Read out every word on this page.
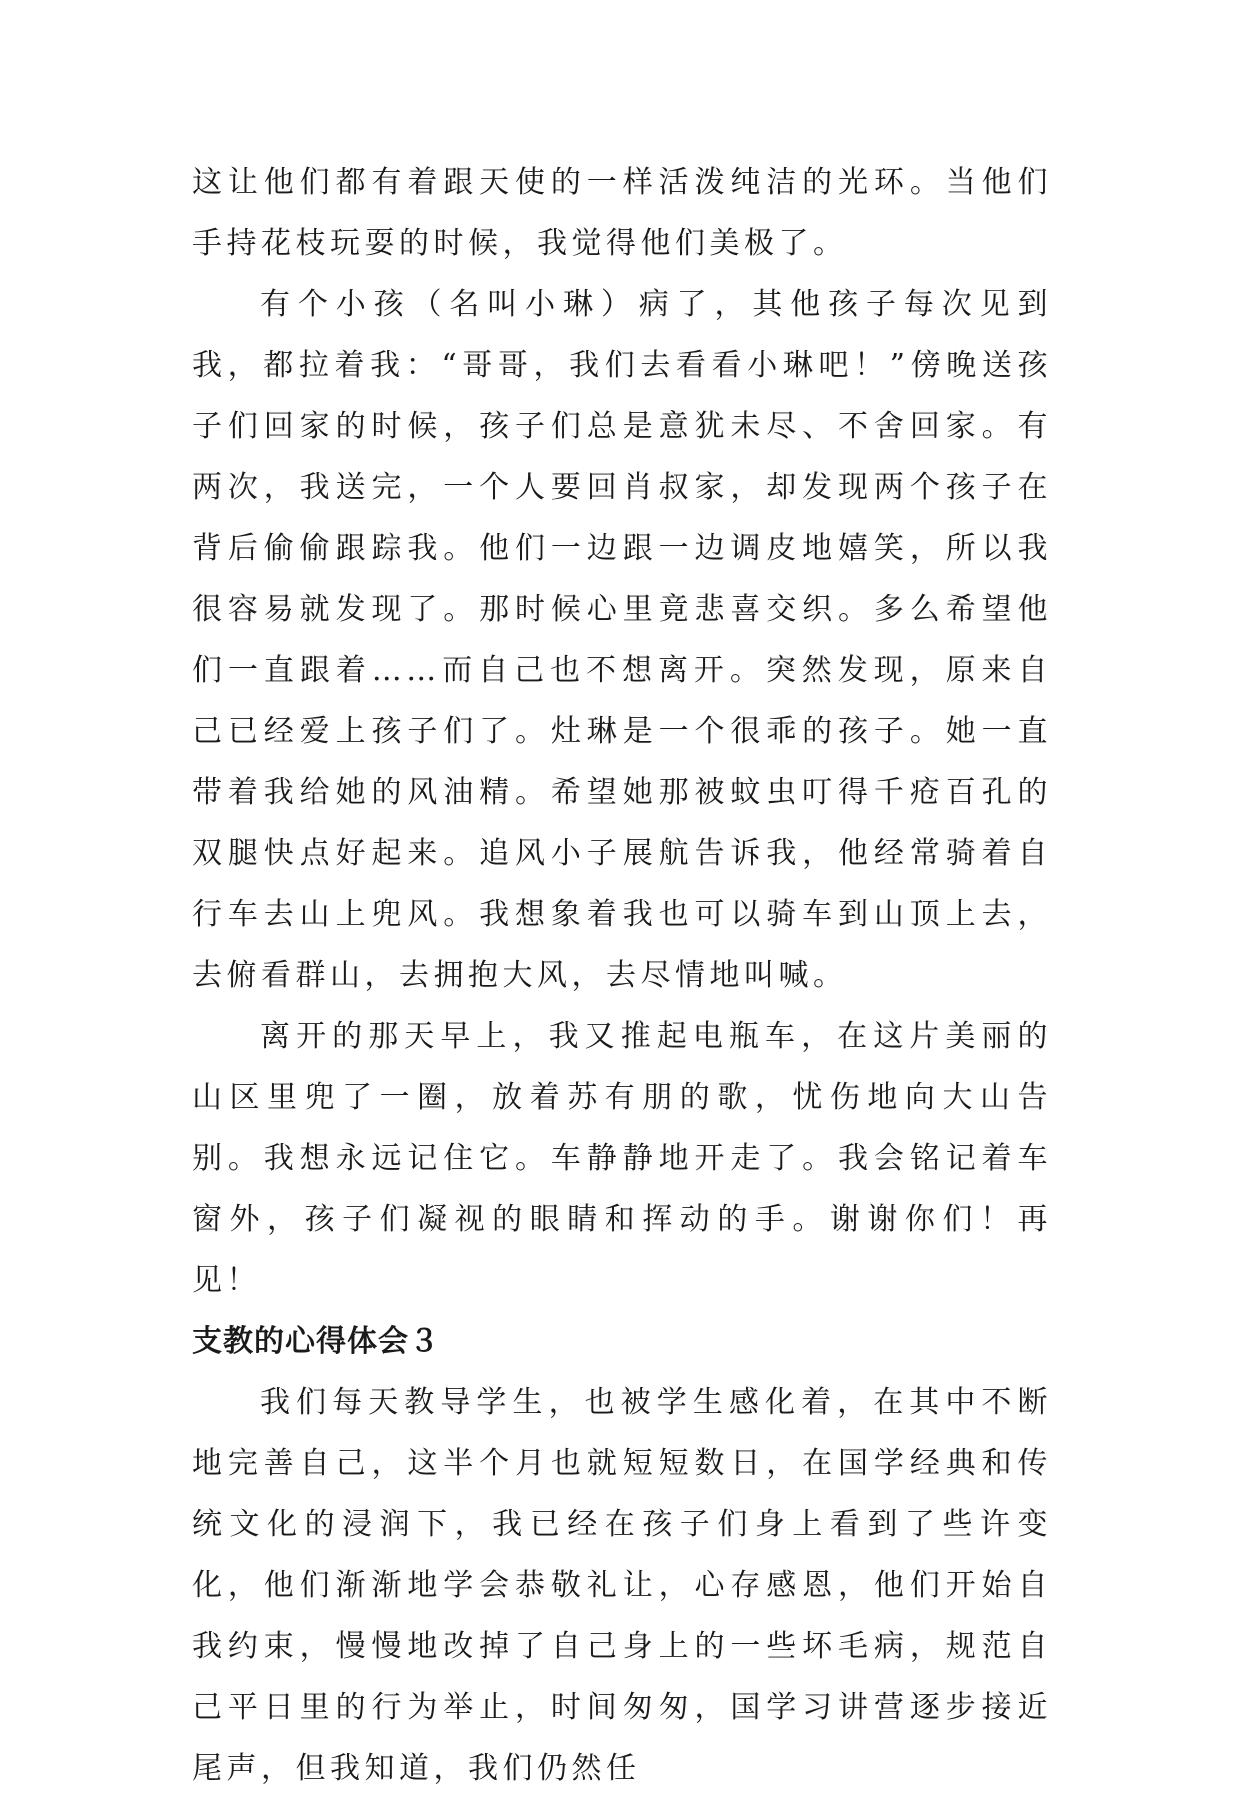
这让他们都有着跟天使的一样活泼纯洁的光环。当他们手持花枝玩耍的时候，我觉得他们美极了。

有个小孩（名叫小琳）病了，其他孩子每次见到我，都拉着我：“哥哥，我们去看看小琳吧！”傍晚送孩子们回家的时候，孩子们总是意犹未尽、不舍回家。有两次，我送完，一个人要回肖叔家，却发现两个孩子在背后偷偷跟踪我。他们一边跟一边调皮地嬉笑，所以我很容易就发现了。那时候心里竟悲喜交织。多么希望他们一直跟着……而自己也不想离开。突然发现，原来自己已经爱上孩子们了。灶琳是一个很乖的孩子。她一直带着我给她的风油精。希望她那被蚊虫叮得千疮百孔的双腿快点好起来。追风小子展航告诉我，他经常骑着自行车去山上兜风。我想象着我也可以骑车到山顶上去，去俯看群山，去拥抱大风，去尽情地叫喊。

离开的那天早上，我又推起电瓶车，在这片美丽的山区里兜了一圈，放着苏有朋的歌，忧伤地向大山告别。我想永远记住它。车静静地开走了。我会铭记着车窗外，孩子们凝视的眼睛和挥动的手。谢谢你们！再见！

支教的心得体会３

我们每天教导学生，也被学生感化着，在其中不断地完善自己，这半个月也就短短数日，在国学经典和传统文化的浸润下，我已经在孩子们身上看到了些许变化，他们渐渐地学会恭敬礼让，心存感恩，他们开始自我约束，慢慢地改掉了自己身上的一些坏毛病，规范自己平日里的行为举止，时间匆匆，国学习讲营逐步接近尾声，但我知道，我们仍然任
